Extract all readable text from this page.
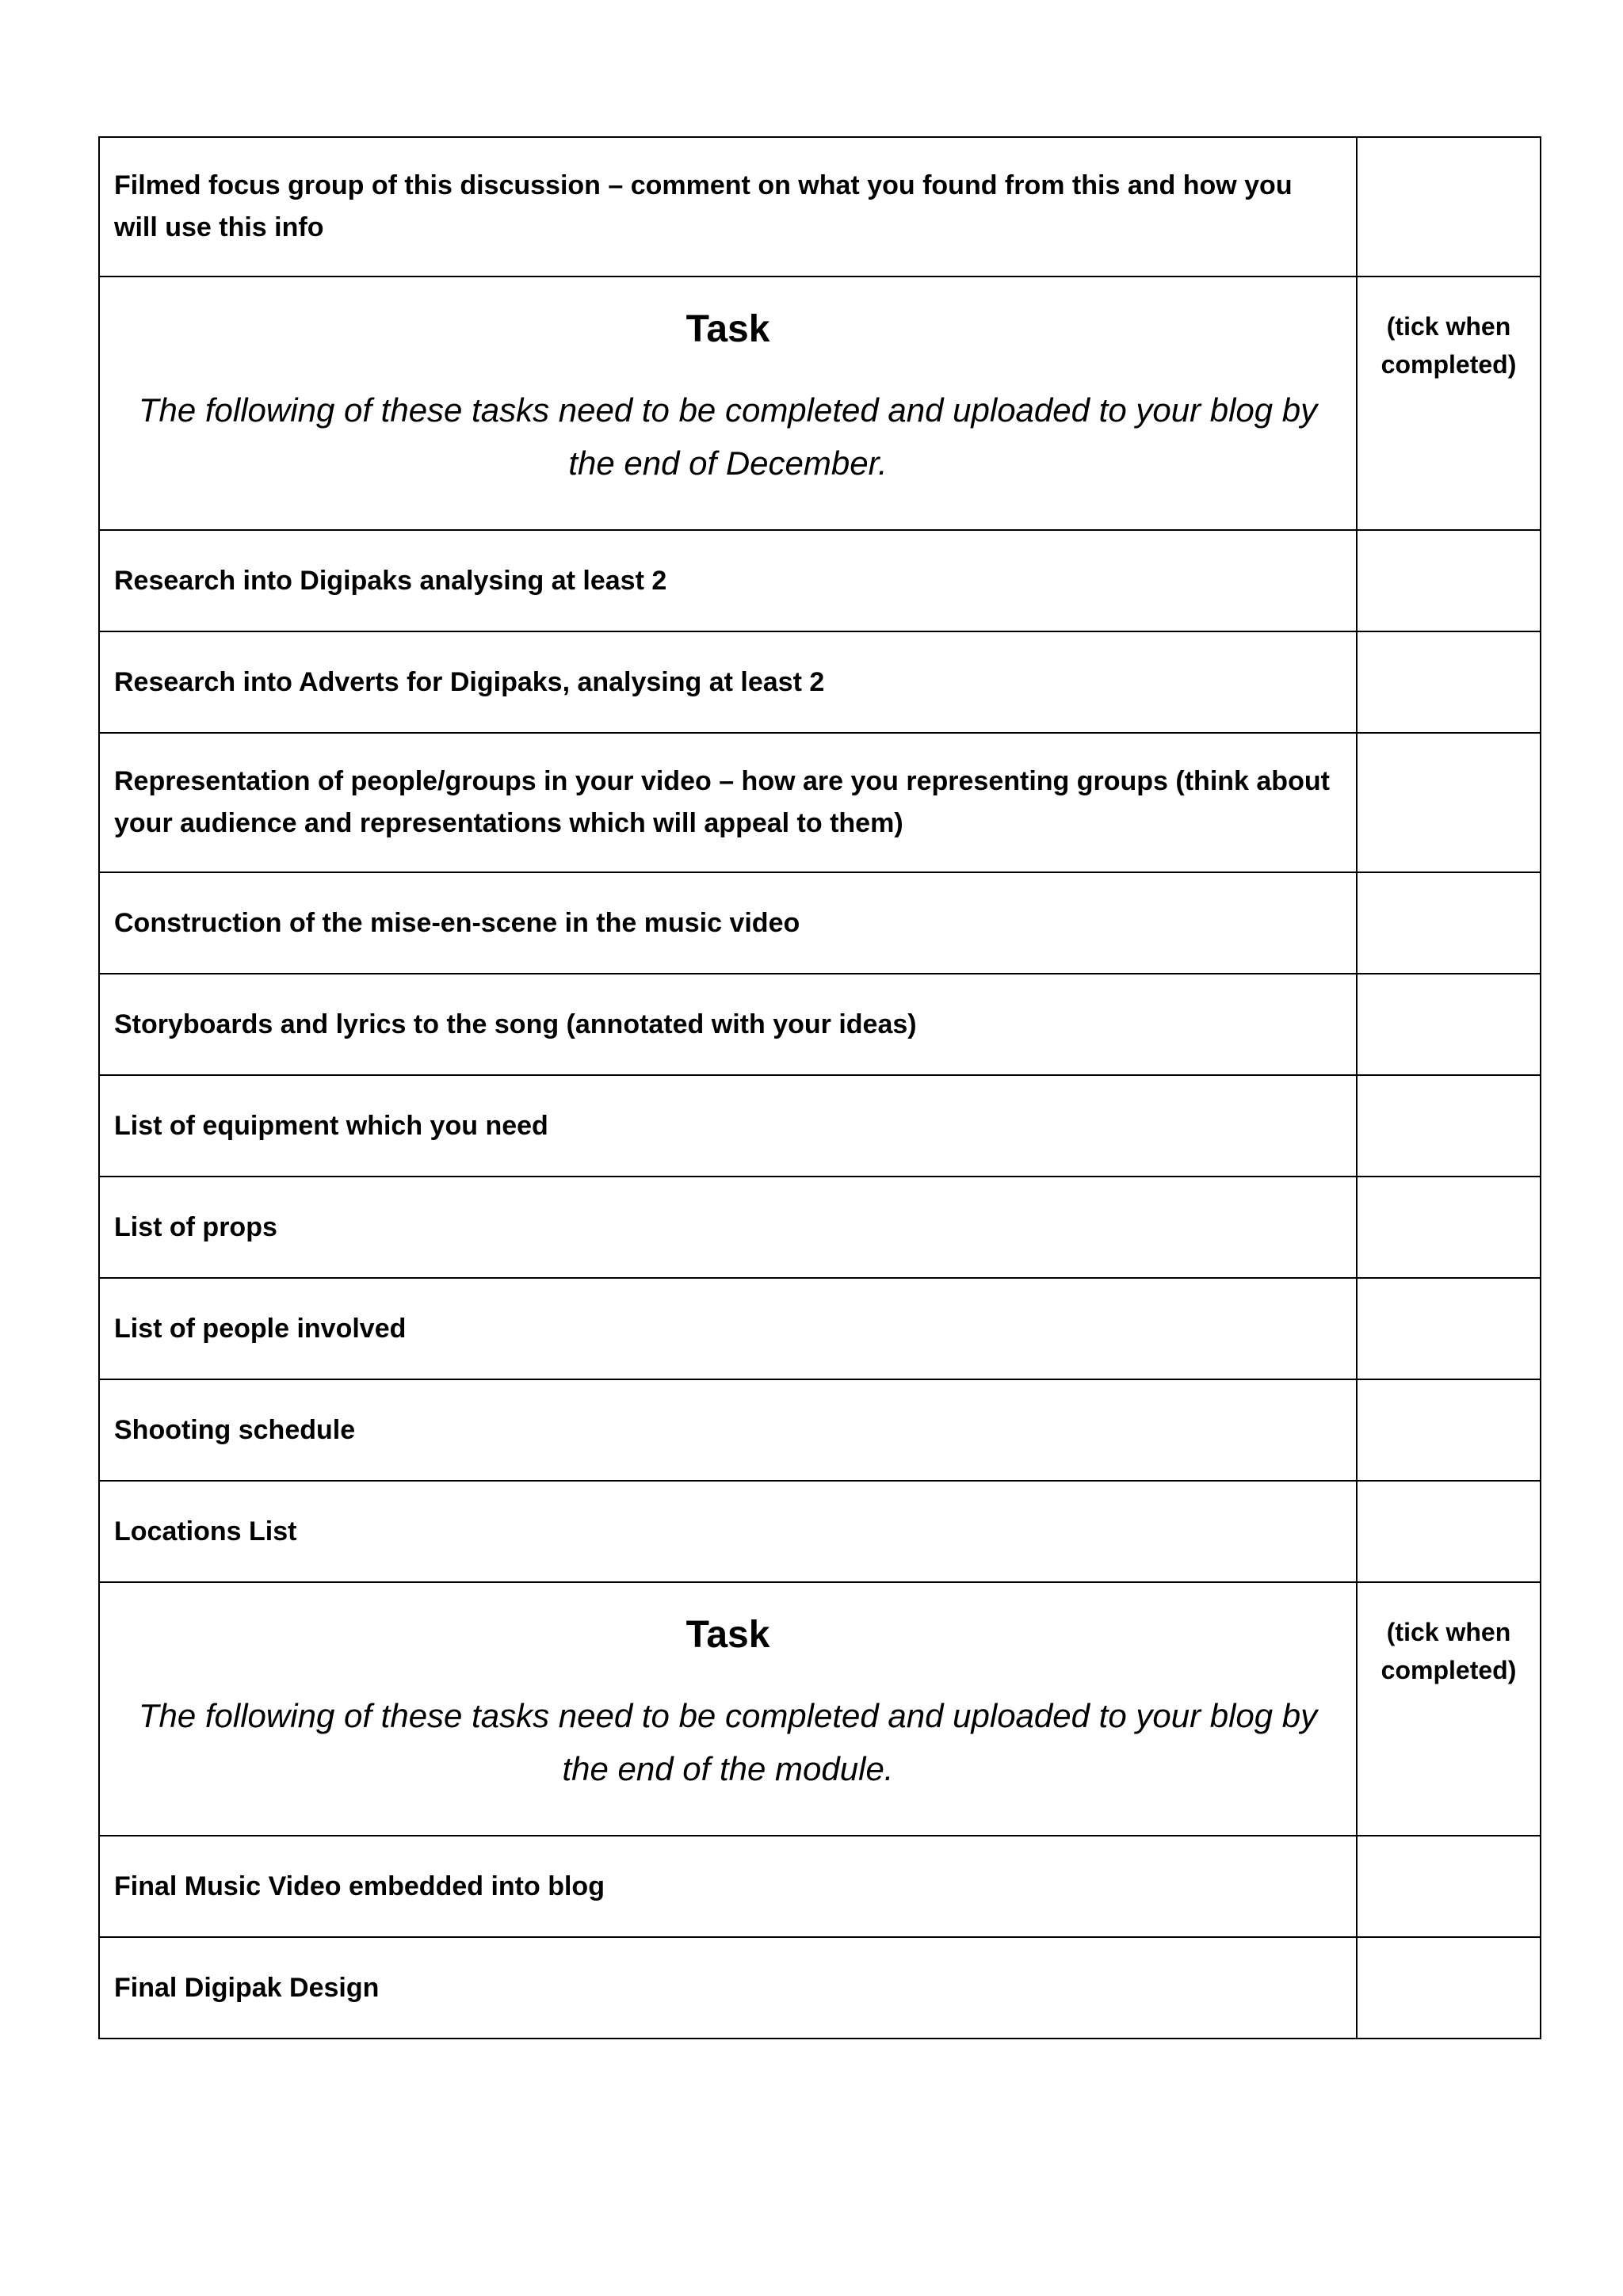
Filmed focus group of this discussion – comment on what you found from this and how you will use this info	

Task
The following of these tasks need to be completed and uploaded to your blog by the end of December.	(tick when completed)

Research into Digipaks analysing at least 2	
Research into Adverts for Digipaks, analysing at least 2	
Representation of people/groups in your video – how are you representing groups (think about your audience and representations which will appeal to them)	
Construction of the mise-en-scene in the music video	
Storyboards and lyrics to the song (annotated with your ideas)	
List of equipment which you need	
List of props	
List of people involved	
Shooting schedule	
Locations List	

Task
The following of these tasks need to be completed and uploaded to your blog by the end of the module.	(tick when completed)

Final Music Video embedded into blog	
Final Digipak Design	
